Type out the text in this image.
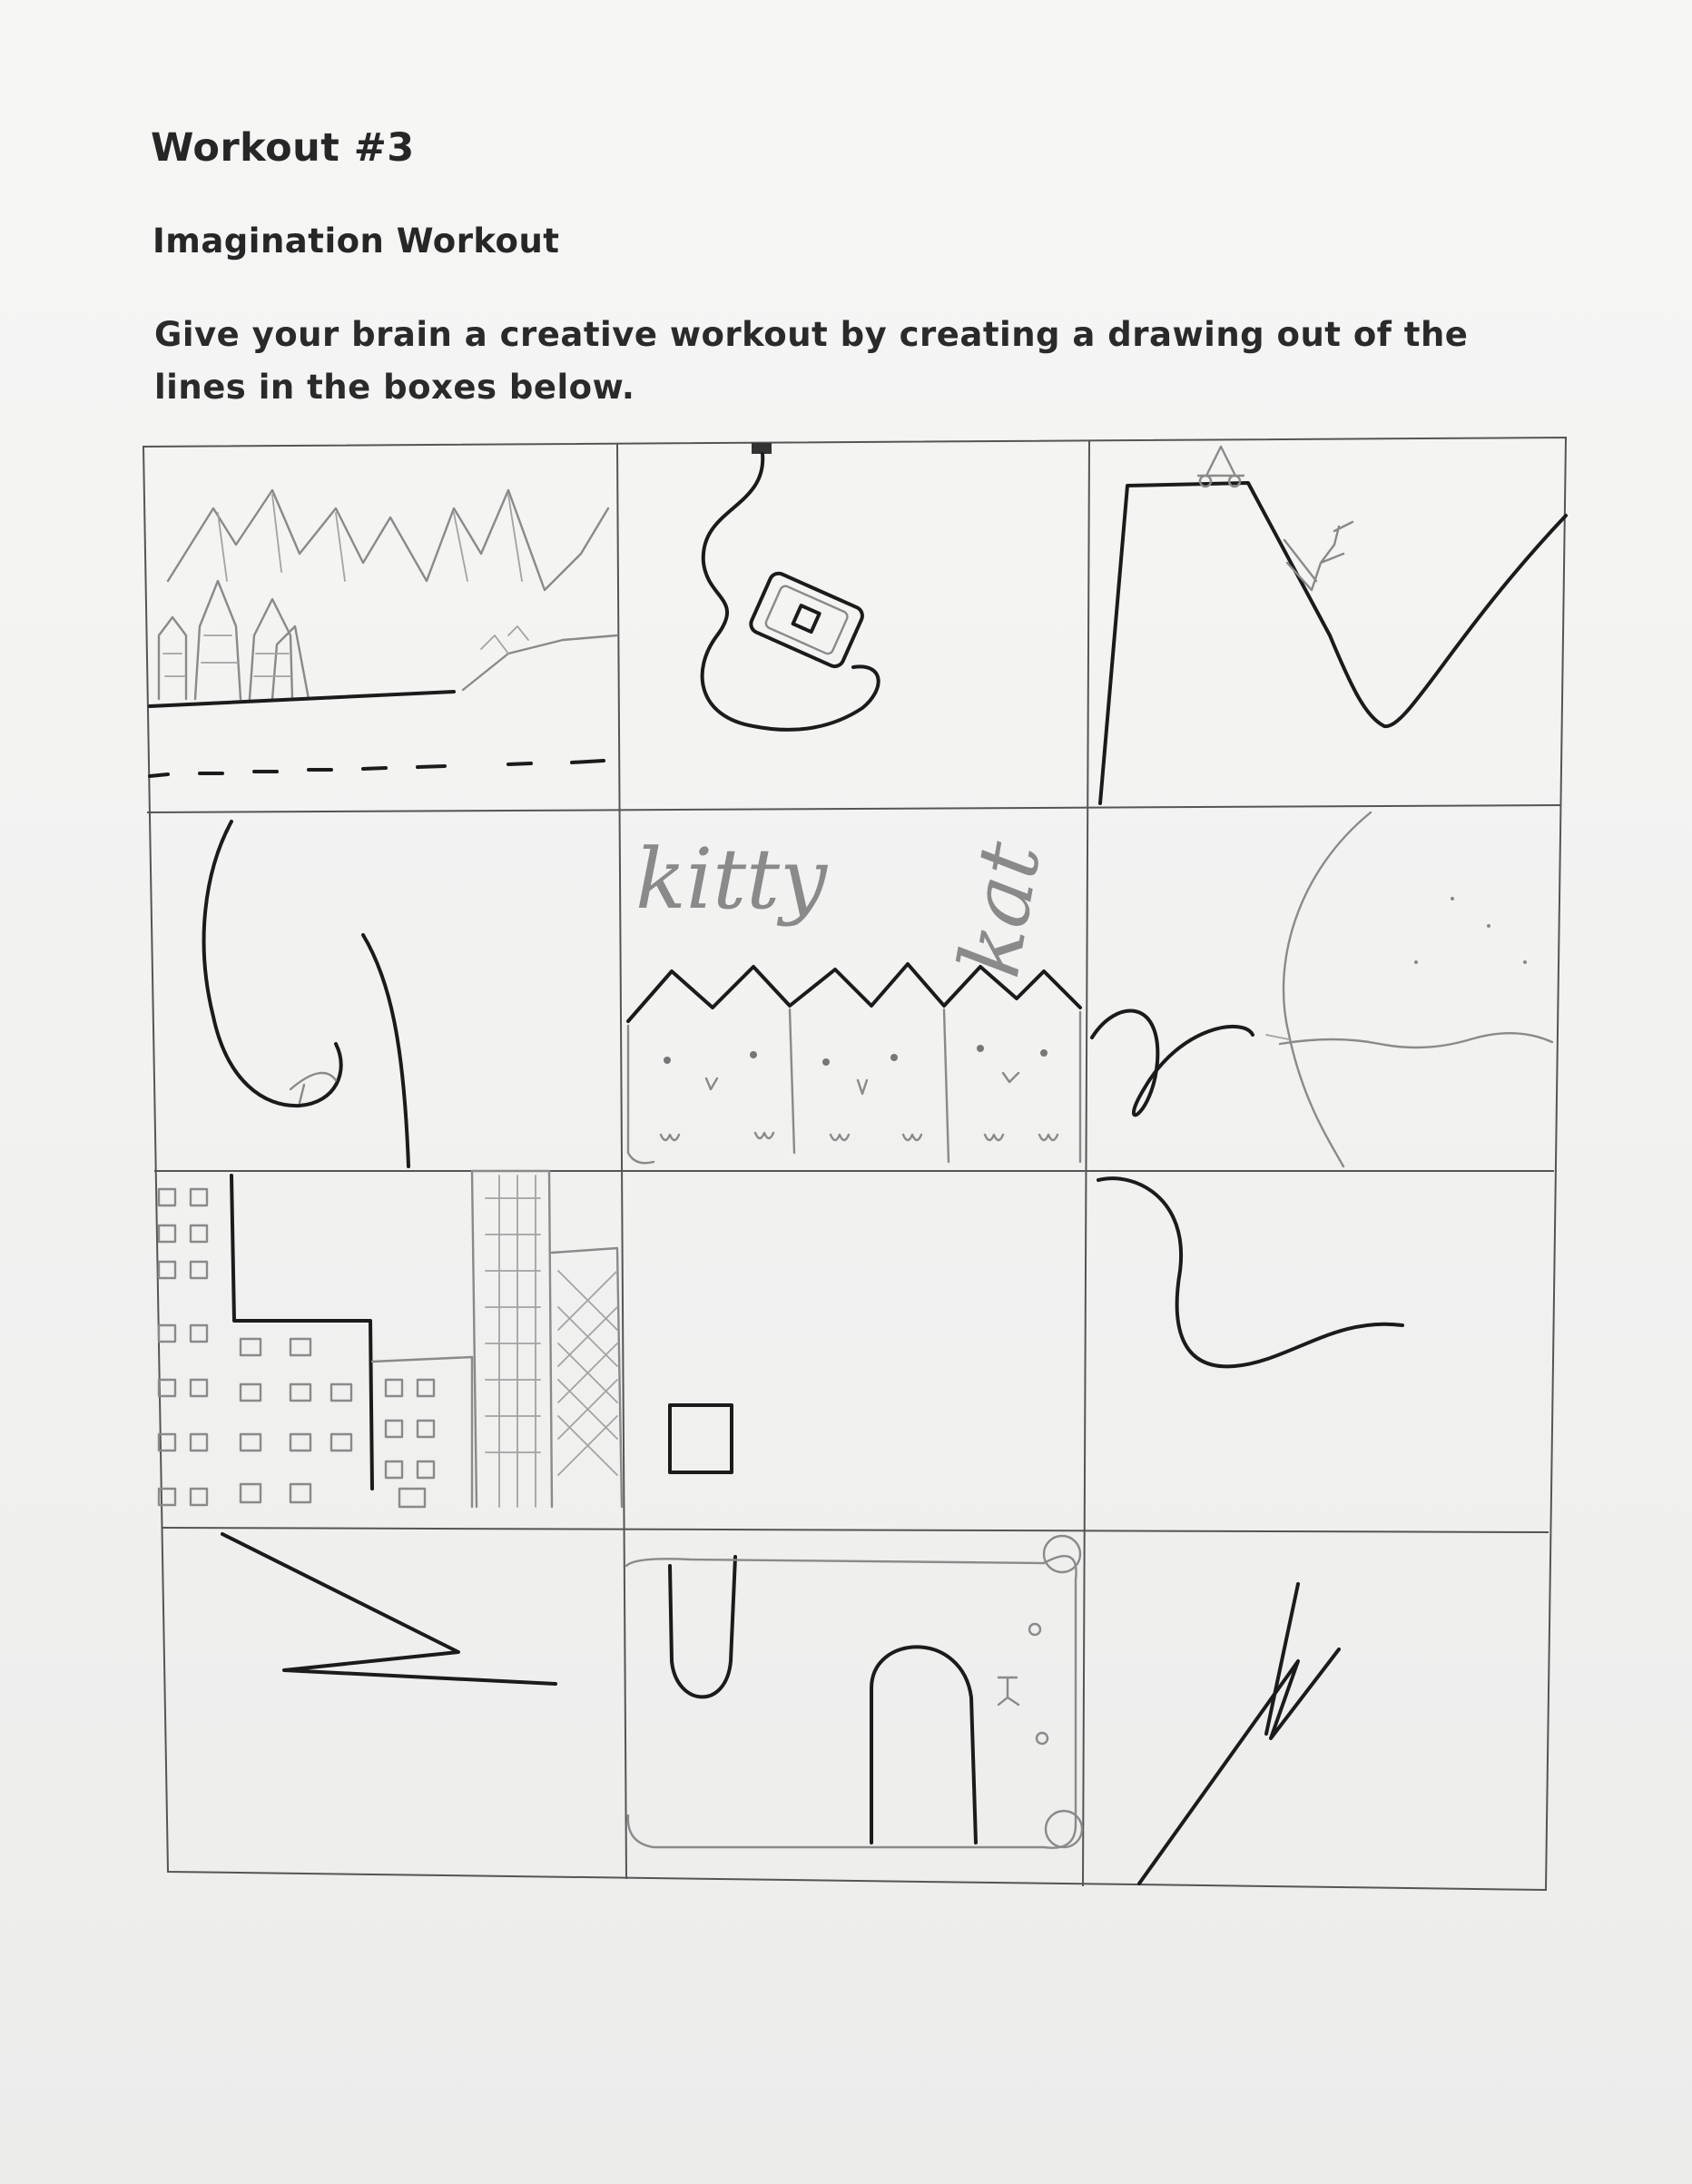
Workout #3
Imagination Workout

Give your brain a creative workout by creating a drawing out of the lines in the boxes below.

kitty kat
